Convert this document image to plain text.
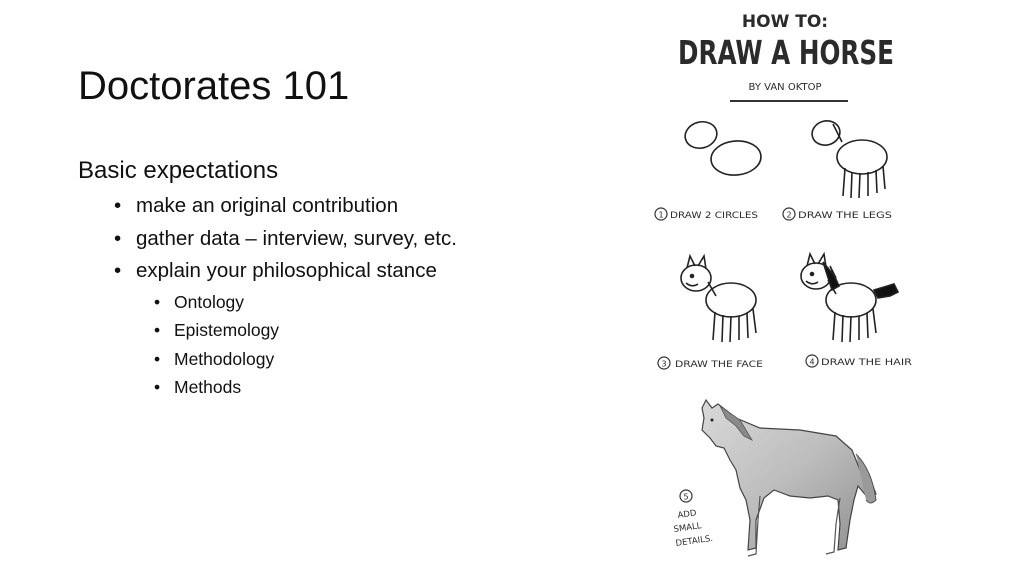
Doctorates 101
Basic expectations
• make an original contribution
• gather data – interview, survey, etc.
• explain your philosophical stance
• Ontology
• Epistemology
• Methodology
• Methods
HOW TO:
DRAW A HORSE
BY VAN OKTOP
1 DRAW 2 CIRCLES	2 DRAW THE LEGS
3 DRAW THE FACE	4 DRAW THE HAIR
5
ADD
SMALL
DETAILS.
